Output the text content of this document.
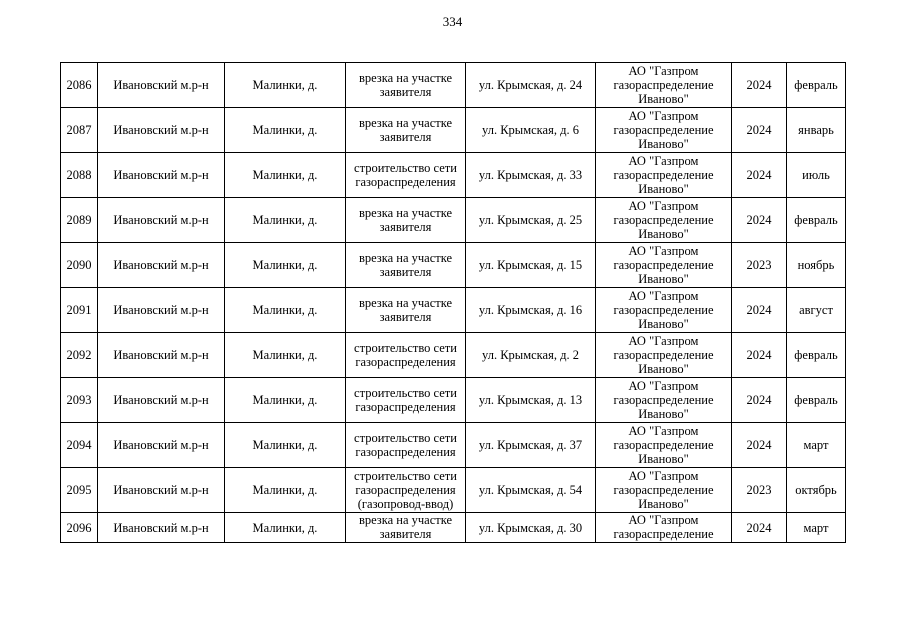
334
2086	Ивановский м.р-н	Малинки, д.	врезка на участке заявителя	ул. Крымская, д. 24	АО "Газпром газораспределение Иваново"	2024	февраль
2087	Ивановский м.р-н	Малинки, д.	врезка на участке заявителя	ул. Крымская, д. 6	АО "Газпром газораспределение Иваново"	2024	январь
2088	Ивановский м.р-н	Малинки, д.	строительство сети газораспределения	ул. Крымская, д. 33	АО "Газпром газораспределение Иваново"	2024	июль
2089	Ивановский м.р-н	Малинки, д.	врезка на участке заявителя	ул. Крымская, д. 25	АО "Газпром газораспределение Иваново"	2024	февраль
2090	Ивановский м.р-н	Малинки, д.	врезка на участке заявителя	ул. Крымская, д. 15	АО "Газпром газораспределение Иваново"	2023	ноябрь
2091	Ивановский м.р-н	Малинки, д.	врезка на участке заявителя	ул. Крымская, д. 16	АО "Газпром газораспределение Иваново"	2024	август
2092	Ивановский м.р-н	Малинки, д.	строительство сети газораспределения	ул. Крымская, д. 2	АО "Газпром газораспределение Иваново"	2024	февраль
2093	Ивановский м.р-н	Малинки, д.	строительство сети газораспределения	ул. Крымская, д. 13	АО "Газпром газораспределение Иваново"	2024	февраль
2094	Ивановский м.р-н	Малинки, д.	строительство сети газораспределения	ул. Крымская, д. 37	АО "Газпром газораспределение Иваново"	2024	март
2095	Ивановский м.р-н	Малинки, д.	строительство сети газораспределения (газопровод-ввод)	ул. Крымская, д. 54	АО "Газпром газораспределение Иваново"	2023	октябрь
2096	Ивановский м.р-н	Малинки, д.	врезка на участке заявителя	ул. Крымская, д. 30	АО "Газпром газораспределение	2024	март
